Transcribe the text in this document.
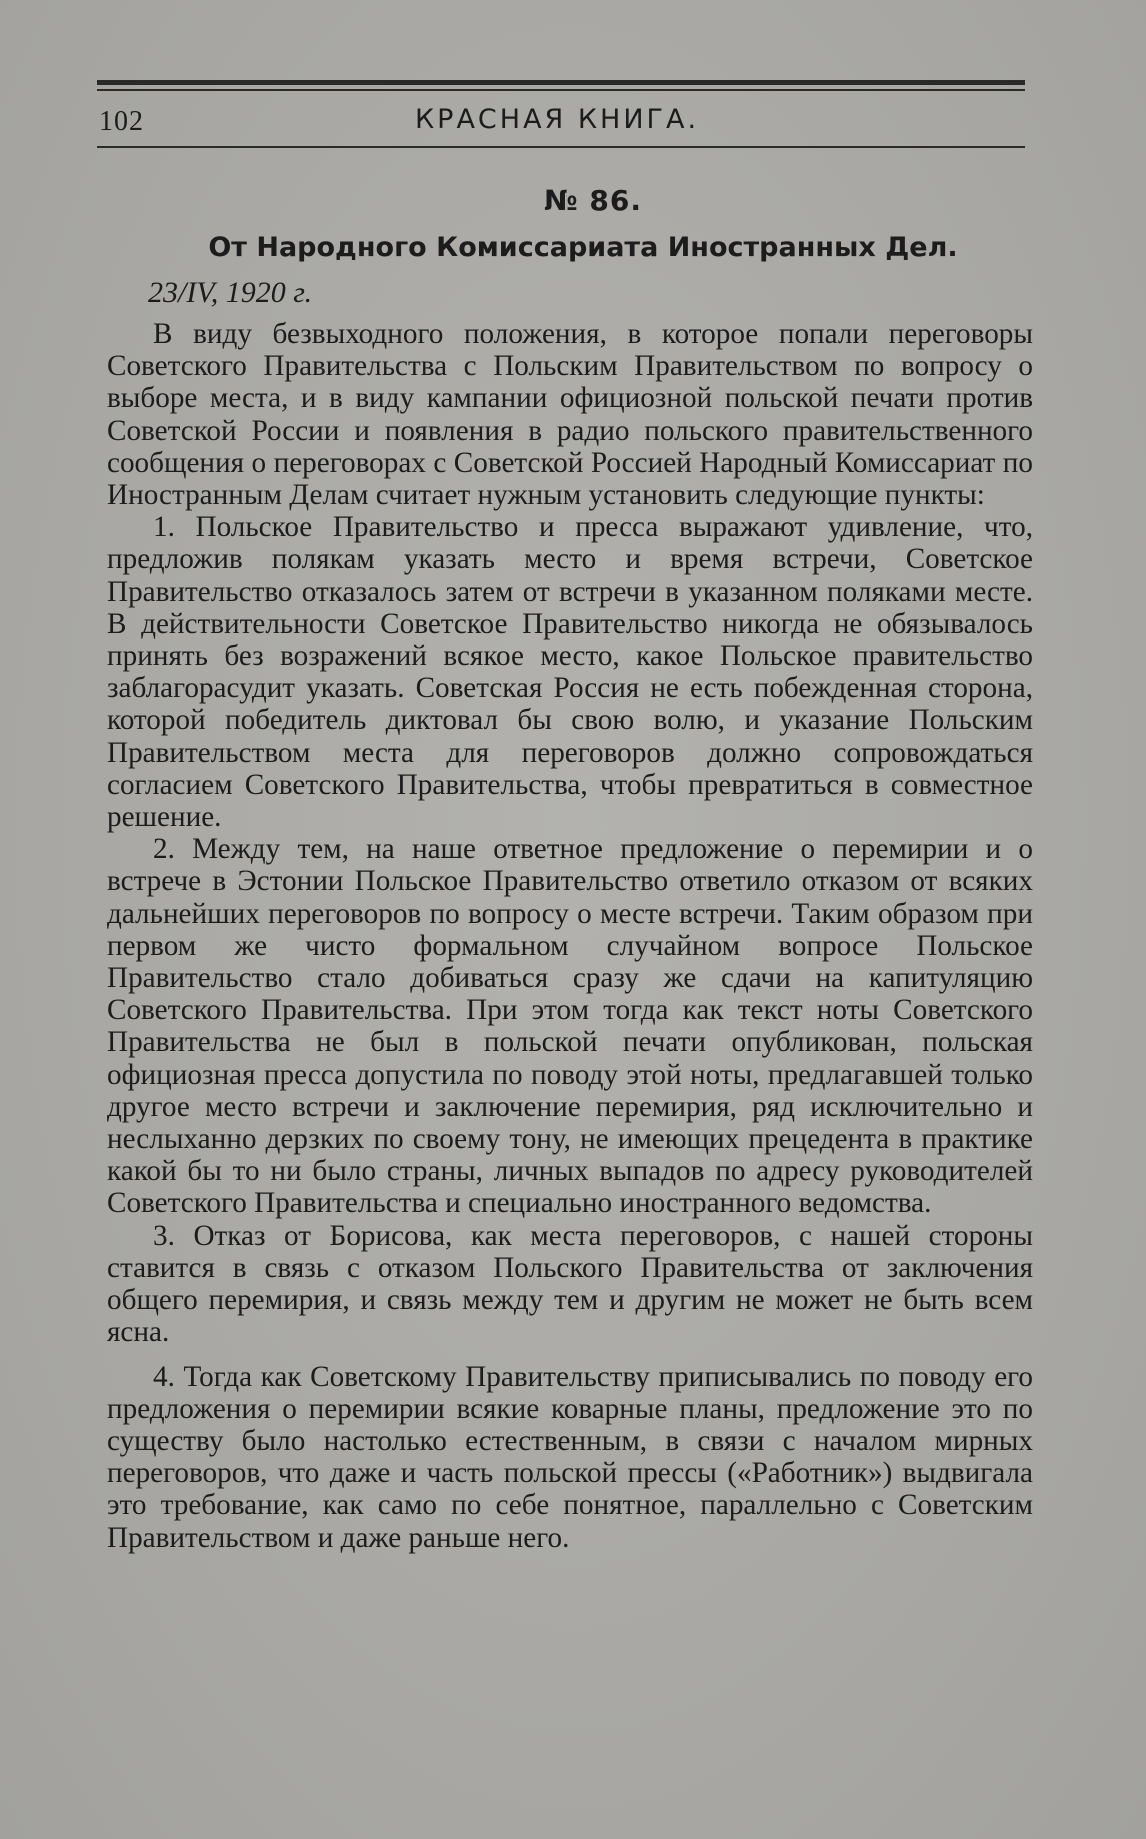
102	КРАСНАЯ КНИГА.
№ 86.
От Народного Комиссариата Иностранных Дел.
23/IV, 1920 г.

В виду безвыходного положения, в которое попали переговоры Советского Правительства с Польским Правительством по вопросу о выборе места, и в виду кампании официозной польской печати против Советской России и появления в радио польского правительственного сообщения о переговорах с Советской Россией Народный Комиссариат по Иностранным Делам считает нужным установить следующие пункты:

1. Польское Правительство и пресса выражают удивление, что, предложив полякам указать место и время встречи, Советское Правительство отказалось затем от встречи в указанном поляками месте. В действительности Советское Правительство никогда не обязывалось принять без возражений всякое место, какое Польское правительство заблагорасудит указать. Советская Россия не есть побежденная сторона, которой победитель диктовал бы свою волю, и указание Польским Правительством места для переговоров должно сопровождаться согласием Советского Правительства, чтобы превратиться в совместное решение.

2. Между тем, на наше ответное предложение о перемирии и о встрече в Эстонии Польское Правительство ответило отказом от всяких дальнейших переговоров по вопросу о месте встречи. Таким образом при первом же чисто формальном случайном вопросе Польское Правительство стало добиваться сразу же сдачи на капитуляцию Советского Правительства. При этом тогда как текст ноты Советского Правительства не был в польской печати опубликован, польская официозная пресса допустила по поводу этой ноты, предлагавшей только другое место встречи и заключение перемирия, ряд исключительно и неслыханно дерзких по своему тону, не имеющих прецедента в практике какой бы то ни было страны, личных выпадов по адресу руководителей Советского Правительства и специально иностранного ведомства.

3. Отказ от Борисова, как места переговоров, с нашей стороны ставится в связь с отказом Польского Правительства от заключения общего перемирия, и связь между тем и другим не может не быть всем ясна.

4. Тогда как Советскому Правительству приписывались по поводу его предложения о перемирии всякие коварные планы, предложение это по существу было настолько естественным, в связи с началом мирных переговоров, что даже и часть польской прессы («Работник») выдвигала это требование, как само по себе понятное, параллельно с Советским Правительством и даже раньше него.
